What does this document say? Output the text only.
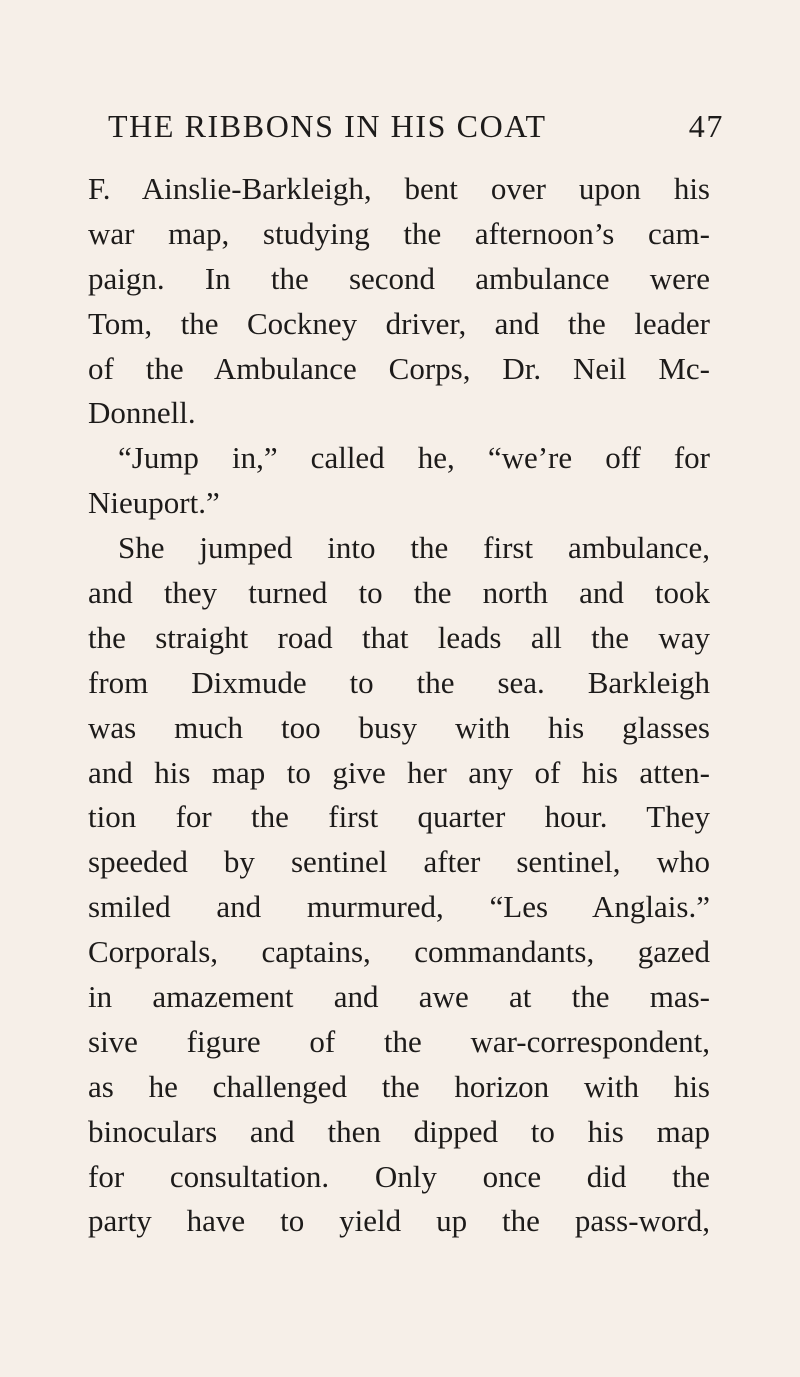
THE RIBBONS IN HIS COAT	47
F. Ainslie-Barkleigh, bent over upon his
war map, studying the afternoon’s cam-
paign. In the second ambulance were
Tom, the Cockney driver, and the leader
of the Ambulance Corps, Dr. Neil Mc-
Donnell.
“Jump in,” called he, “we’re off for
Nieuport.”
She jumped into the first ambulance,
and they turned to the north and took
the straight road that leads all the way
from Dixmude to the sea. Barkleigh
was much too busy with his glasses
and his map to give her any of his atten-
tion for the first quarter hour. They
speeded by sentinel after sentinel, who
smiled and murmured, “Les Anglais.”
Corporals, captains, commandants, gazed
in amazement and awe at the mas-
sive figure of the war-correspondent,
as he challenged the horizon with his
binoculars and then dipped to his map
for consultation. Only once did the
party have to yield up the pass-word,
